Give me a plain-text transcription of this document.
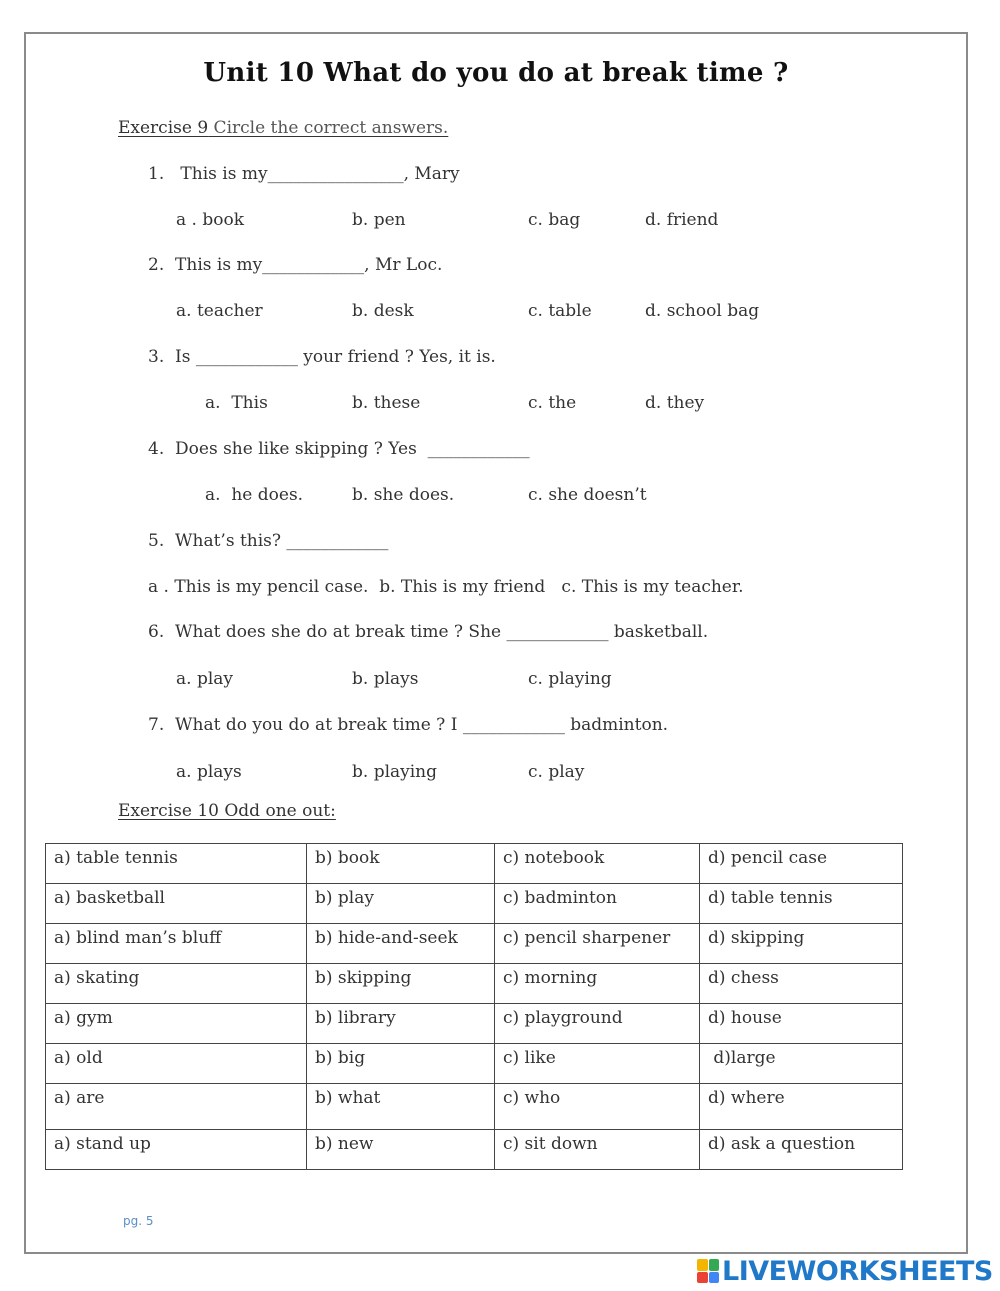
Unit 10 What do you do at break time ?
Exercise 9 Circle the correct answers.
1.   This is my________________, Mary
a . book	b. pen	c. bag	d. friend
2.  This is my____________, Mr Loc.
a. teacher	b. desk	c. table	d. school bag
3.  Is ____________ your friend ? Yes, it is.
a.  This	b. these	c. the	d. they
4.  Does she like skipping ? Yes  ____________
a.  he does.	b. she does.	c. she doesn’t
5.  What’s this? ____________
a . This is my pencil case.  b. This is my friend   c. This is my teacher.
6.  What does she do at break time ? She ____________ basketball.
a. play	b. plays	c. playing
7.  What do you do at break time ? I ____________ badminton.
a. plays	b. playing	c. play
Exercise 10 Odd one out:
a) table tennis	b) book	c) notebook	d) pencil case
a) basketball	b) play	c) badminton	d) table tennis
a) blind man’s bluff	b) hide-and-seek	c) pencil sharpener	d) skipping
a) skating	b) skipping	c) morning	d) chess
a) gym	b) library	c) playground	d) house
a) old	b) big	c) like	d)large
a) are	b) what	c) who	d) where
a) stand up	b) new	c) sit down	d) ask a question
pg. 5
LIVEWORKSHEETS
